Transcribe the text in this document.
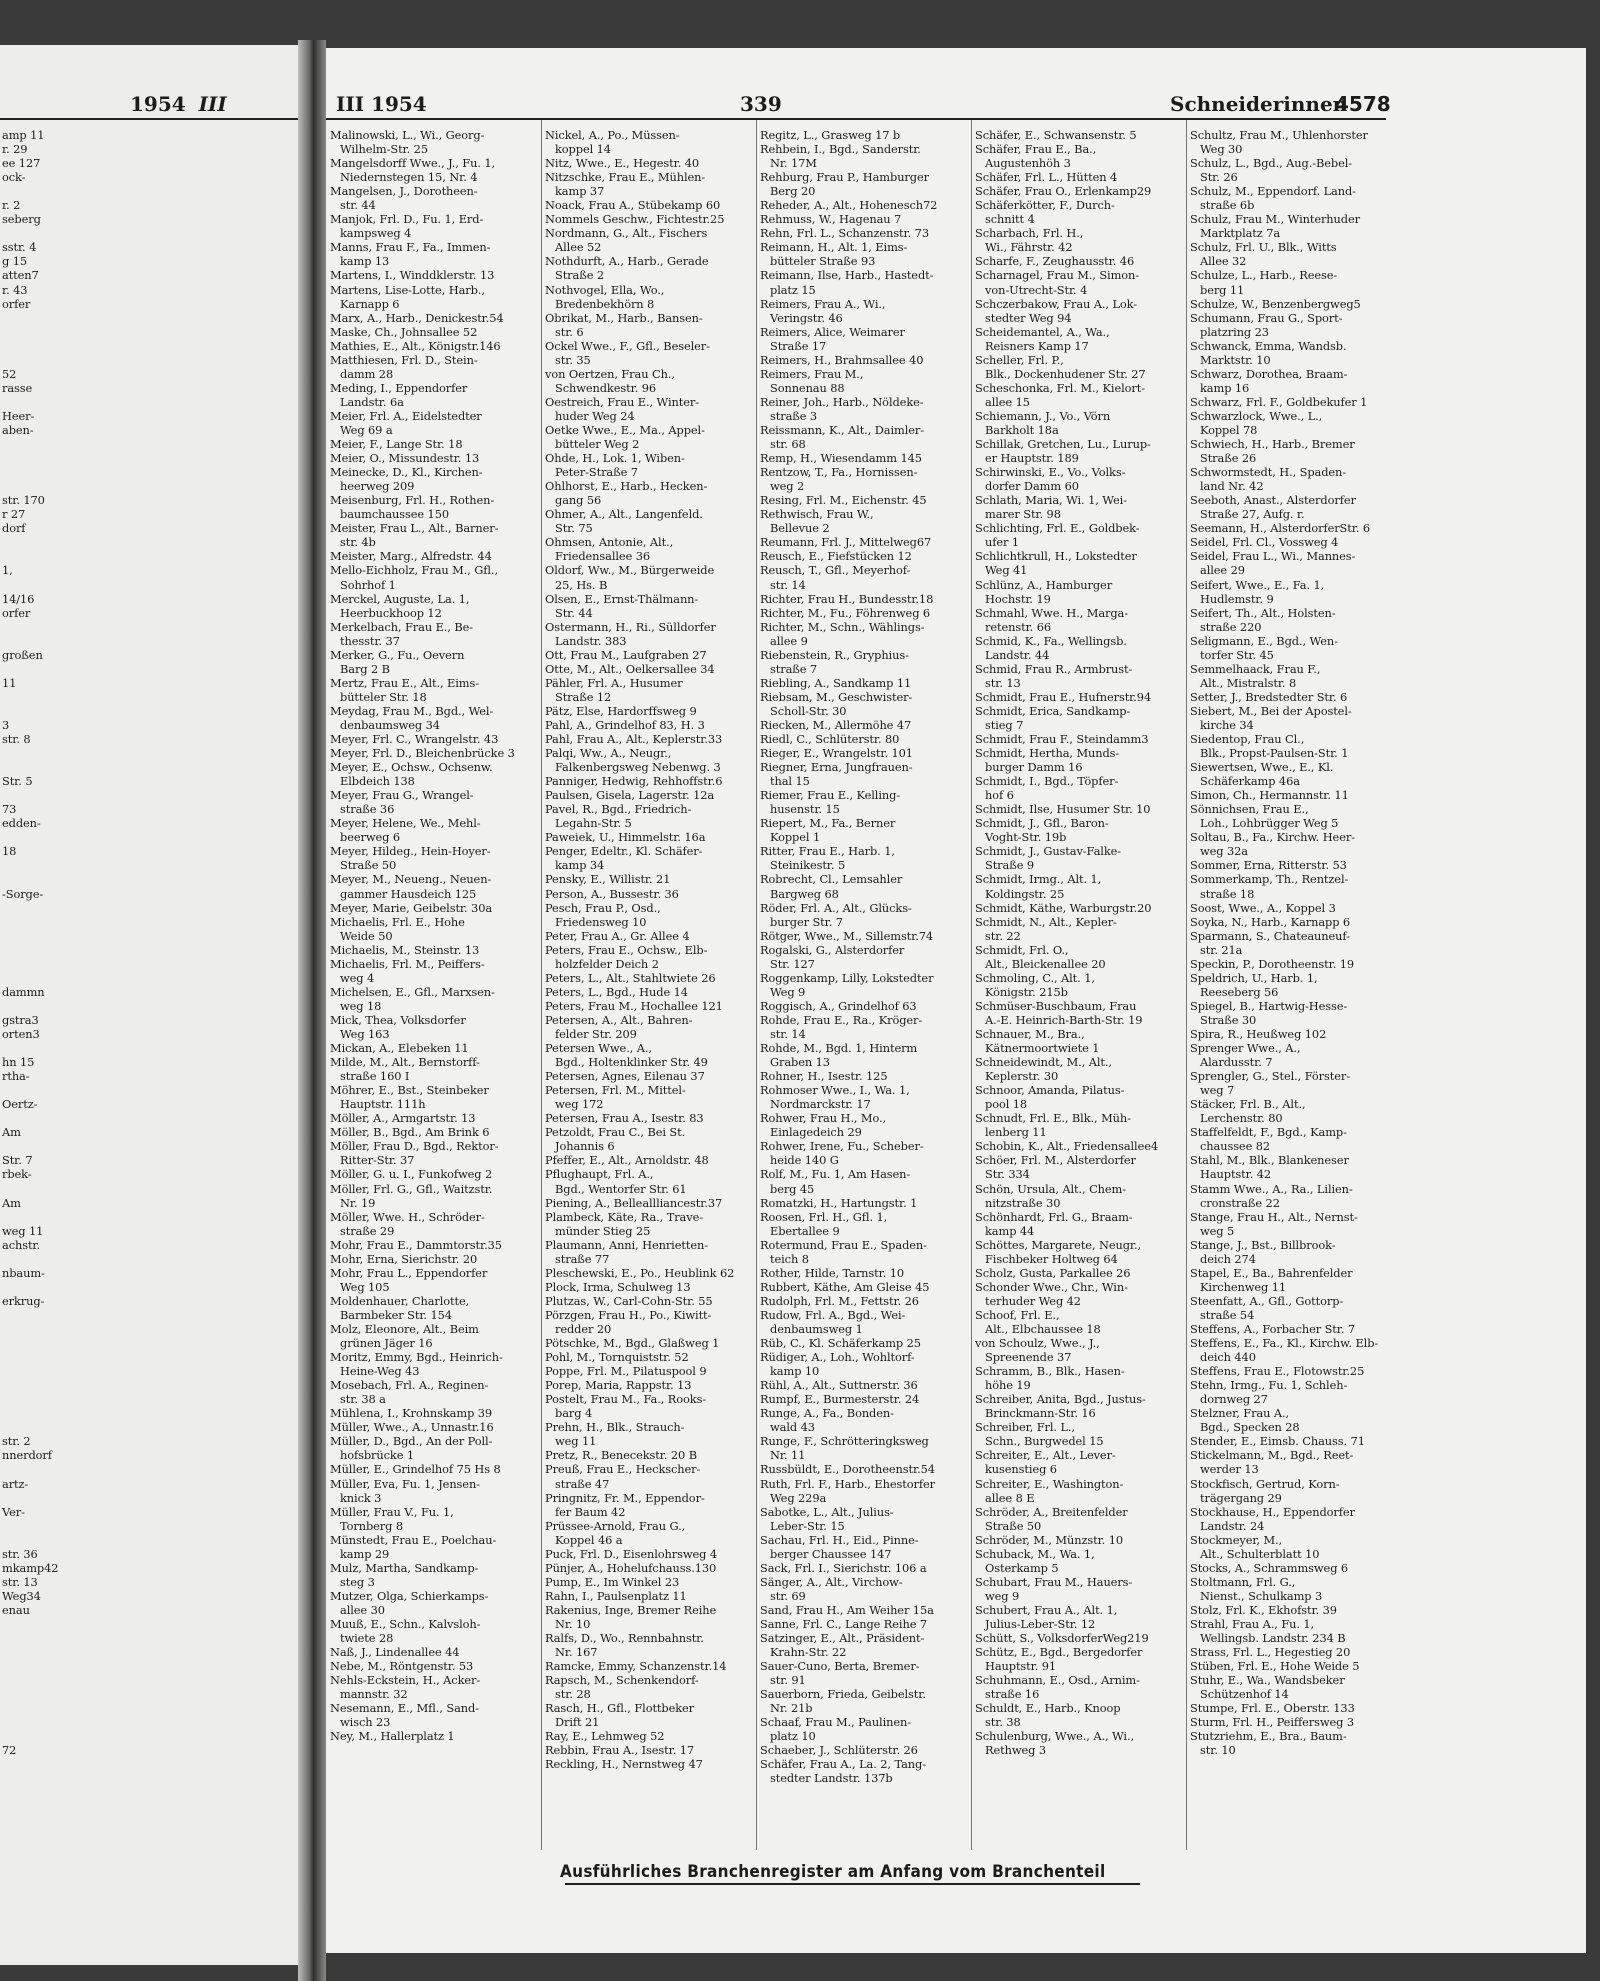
1954 III
amp 11
r. 29
ee 127
ock-

r. 2
seberg

sstr. 4
g 15
atten7
r. 43
orfer

52
rasse

Heer-
aben-

str. 170
r 27
dorf

1,

14/16
orfer

großen

11

3
str. 8

Str. 5

73
edden-

18

-Sorge-

dammn

gstra3
orten3

hn 15
rtha-

Oertz-

Am

Str. 7
rbek-

Am

weg 11
achstr.

nbaum-

erkrug-

str. 2
nnerdorf

artz-

Ver-

str. 36
mkamp42
str. 13
Weg34
enau

72
III 1954	339	Schneiderinnen
4578
Malinowski, L., Wi., Georg-
Wilhelm-Str. 25
Mangelsdorff Wwe., J., Fu. 1,
Niedernstegen 15, Nr. 4
Mangelsen, J., Dorotheen-
str. 44
Manjok, Frl. D., Fu. 1, Erd-
kampsweg 4
Manns, Frau F., Fa., Immen-
kamp 13
Martens, I., Winddklerstr. 13
Martens, Lise-Lotte, Harb.,
Karnapp 6
Marx, A., Harb., Denickestr.54
Maske, Ch., Johnsallee 52
Mathies, E., Alt., Königstr.146
Matthiesen, Frl. D., Stein-
damm 28
Meding, I., Eppendorfer
Landstr. 6a
Meier, Frl. A., Eidelstedter
Weg 69 a
Meier, F., Lange Str. 18
Meier, O., Missundestr. 13
Meinecke, D., Kl., Kirchen-
heerweg 209
Meisenburg, Frl. H., Rothen-
baumchaussee 150
Meister, Frau L., Alt., Barner-
str. 4b
Meister, Marg., Alfredstr. 44
Mello-Eichholz, Frau M., Gfl.,
Sohrhof 1
Merckel, Auguste, La. 1,
Heerbuckhoop 12
Merkelbach, Frau E., Be-
thesstr. 37
Merker, G., Fu., Oevern
Barg 2 B
Mertz, Frau E., Alt., Eims-
bütteler Str. 18
Meydag, Frau M., Bgd., Wel-
denbaumsweg 34
Meyer, Frl. C., Wrangelstr. 43
Meyer, Frl. D., Bleichenbrücke 3
Meyer, E., Ochsw., Ochsenw.
Elbdeich 138
Meyer, Frau G., Wrangel-
straße 36
Meyer, Helene, We., Mehl-
beerweg 6
Meyer, Hildeg., Hein-Hoyer-
Straße 50
Meyer, M., Neueng., Neuen-
gammer Hausdeich 125
Meyer, Marie, Geibelstr. 30a
Michaelis, Frl. E., Hohe
Weide 50
Michaelis, M., Steinstr. 13
Michaelis, Frl. M., Peiffers-
weg 4
Michelsen, E., Gfl., Marxsen-
weg 18
Mick, Thea, Volksdorfer
Weg 163
Mickan, A., Elebeken 11
Milde, M., Alt., Bernstorff-
straße 160 I
Möhrer, E., Bst., Steinbeker
Hauptstr. 111h
Möller, A., Armgartstr. 13
Möller, B., Bgd., Am Brink 6
Möller, Frau D., Bgd., Rektor-
Ritter-Str. 37
Möller, G. u. I., Funkofweg 2
Möller, Frl. G., Gfl., Waitzstr.
Nr. 19
Möller, Wwe. H., Schröder-
straße 29
Mohr, Frau E., Dammtorstr.35
Mohr, Erna, Sierichstr. 20
Mohr, Frau L., Eppendorfer
Weg 105
Moldenhauer, Charlotte,
Barmbeker Str. 154
Molz, Eleonore, Alt., Beim
grünen Jäger 16
Moritz, Emmy, Bgd., Heinrich-
Heine-Weg 43
Mosebach, Frl. A., Reginen-
str. 38 a
Mühlena, I., Krohnskamp 39
Müller, Wwe., A., Unnastr.16
Müller, D., Bgd., An der Poll-
hofsbrücke 1
Müller, E., Grindelhof 75 Hs 8
Müller, Eva, Fu. 1, Jensen-
knick 3
Müller, Frau V., Fu. 1,
Tornberg 8
Münstedt, Frau E., Poelchau-
kamp 29
Mulz, Martha, Sandkamp-
steg 3
Mutzer, Olga, Schierkamps-
allee 30
Muuß, E., Schn., Kalvsloh-
twiete 28
Naß, J., Lindenallee 44
Nebe, M., Röntgenstr. 53
Nehls-Eckstein, H., Acker-
mannstr. 32
Nesemann, E., Mfl., Sand-
wisch 23
Ney, M., Hallerplatz 1
Nickel, A., Po., Müssen-
koppel 14
Nitz, Wwe., E., Hegestr. 40
Nitzschke, Frau E., Mühlen-
kamp 37
Noack, Frau A., Stübekamp 60
Nommels Geschw., Fichtestr.25
Nordmann, G., Alt., Fischers
Allee 52
Nothdurft, A., Harb., Gerade
Straße 2
Nothvogel, Ella, Wo.,
Bredenbekhörn 8
Obrikat, M., Harb., Bansen-
str. 6
Ockel Wwe., F., Gfl., Beseler-
str. 35
von Oertzen, Frau Ch.,
Schwendkestr. 96
Oestreich, Frau E., Winter-
huder Weg 24
Oetke Wwe., E., Ma., Appel-
bütteler Weg 2
Ohde, H., Lok. 1, Wiben-
Peter-Straße 7
Ohlhorst, E., Harb., Hecken-
gang 56
Ohmer, A., Alt., Langenfeld.
Str. 75
Ohmsen, Antonie, Alt.,
Friedensallee 36
Oldorf, Ww., M., Bürgerweide
25, Hs. B
Olsen, E., Ernst-Thälmann-
Str. 44
Ostermann, H., Ri., Sülldorfer
Landstr. 383
Ott, Frau M., Laufgraben 27
Otte, M., Alt., Oelkersallee 34
Pähler, Frl. A., Husumer
Straße 12
Pätz, Else, Hardorffsweg 9
Pahl, A., Grindelhof 83, H. 3
Pahl, Frau A., Alt., Keplerstr.33
Palqi, Ww., A., Neugr.,
Falkenbergsweg Nebenwg. 3
Panniger, Hedwig, Rehhoffstr.6
Paulsen, Gisela, Lagerstr. 12a
Pavel, R., Bgd., Friedrich-
Legahn-Str. 5
Paweiek, U., Himmelstr. 16a
Penger, Edeltr., Kl. Schäfer-
kamp 34
Pensky, E., Willistr. 21
Person, A., Bussestr. 36
Pesch, Frau P., Osd.,
Friedensweg 10
Peter, Frau A., Gr. Allee 4
Peters, Frau E., Ochsw., Elb-
holzfelder Deich 2
Peters, L., Alt., Stahltwiete 26
Peters, L., Bgd., Hude 14
Peters, Frau M., Hochallee 121
Petersen, A., Alt., Bahren-
felder Str. 209
Petersen Wwe., A.,
Bgd., Holtenklinker Str. 49
Petersen, Agnes, Eilenau 37
Petersen, Frl. M., Mittel-
weg 172
Petersen, Frau A., Isestr. 83
Petzoldt, Frau C., Bei St.
Johannis 6
Pfeffer, E., Alt., Arnoldstr. 48
Pflughaupt, Frl. A.,
Bgd., Wentorfer Str. 61
Piening, A., Belleallliancestr.37
Plambeck, Käte, Ra., Trave-
münder Stieg 25
Plaumann, Anni, Henrietten-
straße 77
Pleschewski, E., Po., Heublink 62
Plock, Irma, Schulweg 13
Plutzas, W., Carl-Cohn-Str. 55
Pörzgen, Frau H., Po., Kiwitt-
redder 20
Pötschke, M., Bgd., Glaßweg 1
Pohl, M., Tornquiststr. 52
Poppe, Frl. M., Pilatuspool 9
Porep, Maria, Rappstr. 13
Postelt, Frau M., Fa., Rooks-
barg 4
Prehn, H., Blk., Strauch-
weg 11
Pretz, R., Benecekstr. 20 B
Preuß, Frau E., Heckscher-
straße 47
Pringnitz, Fr. M., Eppendor-
fer Baum 42
Prüssee-Arnold, Frau G.,
Koppel 46 a
Puck, Frl. D., Eisenlohrsweg 4
Pünjer, A., Hohelufchauss.130
Pump, E., Im Winkel 23
Rahn, I., Paulsenplatz 11
Rakenius, Inge, Bremer Reihe
Nr. 10
Ralfs, D., Wo., Rennbahnstr.
Nr. 167
Ramcke, Emmy, Schanzenstr.14
Rapsch, M., Schenkendorf-
str. 28
Rasch, H., Gfl., Flottbeker
Drift 21
Ray, E., Lehmweg 52
Rebbin, Frau A., Isestr. 17
Reckling, H., Nernstweg 47
Regitz, L., Grasweg 17 b
Rehbein, I., Bgd., Sanderstr.
Nr. 17M
Rehburg, Frau P., Hamburger
Berg 20
Reheder, A., Alt., Hohenesch72
Rehmuss, W., Hagenau 7
Rehn, Frl. L., Schanzenstr. 73
Reimann, H., Alt. 1, Eims-
bütteler Straße 93
Reimann, Ilse, Harb., Hastedt-
platz 15
Reimers, Frau A., Wi.,
Veringstr. 46
Reimers, Alice, Weimarer
Straße 17
Reimers, H., Brahmsallee 40
Reimers, Frau M.,
Sonnenau 88
Reiner, Joh., Harb., Nöldeke-
straße 3
Reissmann, K., Alt., Daimler-
str. 68
Remp, H., Wiesendamm 145
Rentzow, T., Fa., Hornissen-
weg 2
Resing, Frl. M., Eichenstr. 45
Rethwisch, Frau W.,
Bellevue 2
Reumann, Frl. J., Mittelweg67
Reusch, E., Fiefstücken 12
Reusch, T., Gfl., Meyerhof-
str. 14
Richter, Frau H., Bundesstr.18
Richter, M., Fu., Föhrenweg 6
Richter, M., Schn., Wählings-
allee 9
Riebenstein, R., Gryphius-
straße 7
Riebling, A., Sandkamp 11
Riebsam, M., Geschwister-
Scholl-Str. 30
Riecken, M., Allermöhe 47
Riedl, C., Schlüterstr. 80
Rieger, E., Wrangelstr. 101
Riegner, Erna, Jungfrauen-
thal 15
Riemer, Frau E., Kelling-
husenstr. 15
Riepert, M., Fa., Berner
Koppel 1
Ritter, Frau E., Harb. 1,
Steinikestr. 5
Robrecht, Cl., Lemsahler
Bargweg 68
Röder, Frl. A., Alt., Glücks-
burger Str. 7
Rötger, Wwe., M., Sillemstr.74
Rogalski, G., Alsterdorfer
Str. 127
Roggenkamp, Lilly, Lokstedter
Weg 9
Roggisch, A., Grindelhof 63
Rohde, Frau E., Ra., Kröger-
str. 14
Rohde, M., Bgd. 1, Hinterm
Graben 13
Rohner, H., Isestr. 125
Rohmoser Wwe., I., Wa. 1,
Nordmarckstr. 17
Rohwer, Frau H., Mo.,
Einlagedeich 29
Rohwer, Irene, Fu., Scheber-
heide 140 G
Rolf, M., Fu. 1, Am Hasen-
berg 45
Romatzki, H., Hartungstr. 1
Roosen, Frl. H., Gfl. 1,
Ebertallee 9
Rotermund, Frau E., Spaden-
teich 8
Rother, Hilde, Tarnstr. 10
Rubbert, Käthe, Am Gleise 45
Rudolph, Frl. M., Fettstr. 26
Rudow, Frl. A., Bgd., Wei-
denbaumsweg 1
Rüb, C., Kl. Schäferkamp 25
Rüdiger, A., Loh., Wohltorf-
kamp 10
Rühl, A., Alt., Suttnerstr. 36
Rumpf, E., Burmesterstr. 24
Runge, A., Fa., Bonden-
wald 43
Runge, F., Schrötteringksweg
Nr. 11
Russbüldt, E., Dorotheenstr.54
Ruth, Frl. F., Harb., Ehestorfer
Weg 229a
Sabotke, L., Alt., Julius-
Leber-Str. 15
Sachau, Frl. H., Eid., Pinne-
berger Chaussee 147
Sack, Frl. I., Sierichstr. 106 a
Sänger, A., Alt., Virchow-
str. 69
Sand, Frau H., Am Weiher 15a
Sanne, Frl. C., Lange Reihe 7
Satzinger, E., Alt., Präsident-
Krahn-Str. 22
Sauer-Cuno, Berta, Bremer-
str. 91
Sauerborn, Frieda, Geibelstr.
Nr. 21b
Schaaf, Frau M., Paulinen-
platz 10
Schaeber, J., Schlüterstr. 26
Schäfer, Frau A., La. 2, Tang-
stedter Landstr. 137b
Schäfer, E., Schwansenstr. 5
Schäfer, Frau E., Ba.,
Augustenhöh 3
Schäfer, Frl. L., Hütten 4
Schäfer, Frau O., Erlenkamp29
Schäferkötter, F., Durch-
schnitt 4
Scharbach, Frl. H.,
Wi., Fährstr. 42
Scharfe, F., Zeughausstr. 46
Scharnagel, Frau M., Simon-
von-Utrecht-Str. 4
Schczerbakow, Frau A., Lok-
stedter Weg 94
Scheidemantel, A., Wa.,
Reisners Kamp 17
Scheller, Frl. P.,
Blk., Dockenhudener Str. 27
Scheschonka, Frl. M., Kielort-
allee 15
Schiemann, J., Vo., Vörn
Barkholt 18a
Schillak, Gretchen, Lu., Lurup-
er Hauptstr. 189
Schirwinski, E., Vo., Volks-
dorfer Damm 60
Schlath, Maria, Wi. 1, Wei-
marer Str. 98
Schlichting, Frl. E., Goldbek-
ufer 1
Schlichtkrull, H., Lokstedter
Weg 41
Schlünz, A., Hamburger
Hochstr. 19
Schmahl, Wwe. H., Marga-
retenstr. 66
Schmid, K., Fa., Wellingsb.
Landstr. 44
Schmid, Frau R., Armbrust-
str. 13
Schmidt, Frau E., Hufnerstr.94
Schmidt, Erica, Sandkamp-
stieg 7
Schmidt, Frau F., Steindamm3
Schmidt, Hertha, Munds-
burger Damm 16
Schmidt, I., Bgd., Töpfer-
hof 6
Schmidt, Ilse, Husumer Str. 10
Schmidt, J., Gfl., Baron-
Voght-Str. 19b
Schmidt, J., Gustav-Falke-
Straße 9
Schmidt, Irmg., Alt. 1,
Koldingstr. 25
Schmidt, Käthe, Warburgstr.20
Schmidt, N., Alt., Kepler-
str. 22
Schmidt, Frl. O.,
Alt., Bleickenallee 20
Schmoling, C., Alt. 1,
Königstr. 215b
Schmüser-Buschbaum, Frau
A.-E. Heinrich-Barth-Str. 19
Schnauer, M., Bra.,
Kätnermoortwiete 1
Schneidewindt, M., Alt.,
Keplerstr. 30
Schnoor, Amanda, Pilatus-
pool 18
Schnudt, Frl. E., Blk., Müh-
lenberg 11
Schobin, K., Alt., Friedensallee4
Schöer, Frl. M., Alsterdorfer
Str. 334
Schön, Ursula, Alt., Chem-
nitzstraße 30
Schönhardt, Frl. G., Braam-
kamp 44
Schöttes, Margarete, Neugr.,
Fischbeker Holtweg 64
Scholz, Gusta, Parkallee 26
Schonder Wwe., Chr., Win-
terhuder Weg 42
Schoof, Frl. E.,
Alt., Elbchaussee 18
von Schoulz, Wwe., J.,
Spreenende 37
Schramm, B., Blk., Hasen-
höhe 19
Schreiber, Anita, Bgd., Justus-
Brinckmann-Str. 16
Schreiber, Frl. L.,
Schn., Burgwedel 15
Schreiter, E., Alt., Lever-
kusenstieg 6
Schreiter, E., Washington-
allee 8 E
Schröder, A., Breitenfelder
Straße 50
Schröder, M., Münzstr. 10
Schuback, M., Wa. 1,
Osterkamp 5
Schubart, Frau M., Hauers-
weg 9
Schubert, Frau A., Alt. 1,
Julius-Leber-Str. 12
Schütt, S., VolksdorferWeg219
Schütz, E., Bgd., Bergedorfer
Hauptstr. 91
Schuhmann, E., Osd., Arnim-
straße 16
Schuldt, E., Harb., Knoop
str. 38
Schulenburg, Wwe., A., Wi.,
Rethweg 3
Schultz, Frau M., Uhlenhorster
Weg 30
Schulz, L., Bgd., Aug.-Bebel-
Str. 26
Schulz, M., Eppendorf. Land-
straße 6b
Schulz, Frau M., Winterhuder
Marktplatz 7a
Schulz, Frl. U., Blk., Witts
Allee 32
Schulze, L., Harb., Reese-
berg 11
Schulze, W., Benzenbergweg5
Schumann, Frau G., Sport-
platzring 23
Schwanck, Emma, Wandsb.
Marktstr. 10
Schwarz, Dorothea, Braam-
kamp 16
Schwarz, Frl. F., Goldbekufer 1
Schwarzlock, Wwe., L.,
Koppel 78
Schwiech, H., Harb., Bremer
Straße 26
Schwormstedt, H., Spaden-
land Nr. 42
Seeboth, Anast., Alsterdorfer
Straße 27, Aufg. r.
Seemann, H., AlsterdorferStr. 6
Seidel, Frl. Cl., Vossweg 4
Seidel, Frau L., Wi., Mannes-
allee 29
Seifert, Wwe., E., Fa. 1,
Hudlemstr. 9
Seifert, Th., Alt., Holsten-
straße 220
Seligmann, E., Bgd., Wen-
torfer Str. 45
Semmelhaack, Frau F.,
Alt., Mistralstr. 8
Setter, J., Bredstedter Str. 6
Siebert, M., Bei der Apostel-
kirche 34
Siedentop, Frau Cl.,
Blk., Propst-Paulsen-Str. 1
Siewertsen, Wwe., E., Kl.
Schäferkamp 46a
Simon, Ch., Hermannstr. 11
Sönnichsen, Frau E.,
Loh., Lohbrügger Weg 5
Soltau, B., Fa., Kirchw. Heer-
weg 32a
Sommer, Erna, Ritterstr. 53
Sommerkamp, Th., Rentzel-
straße 18
Soost, Wwe., A., Koppel 3
Soyka, N., Harb., Karnapp 6
Sparmann, S., Chateauneuf-
str. 21a
Speckin, P., Dorotheenstr. 19
Speldrich, U., Harb. 1,
Reeseberg 56
Spiegel, B., Hartwig-Hesse-
Straße 30
Spira, R., Heußweg 102
Sprenger Wwe., A.,
Alardusstr. 7
Sprengler, G., Stel., Förster-
weg 7
Stäcker, Frl. B., Alt.,
Lerchenstr. 80
Staffelfeldt, F., Bgd., Kamp-
chaussee 82
Stahl, M., Blk., Blankeneser
Hauptstr. 42
Stamm Wwe., A., Ra., Lilien-
cronstraße 22
Stange, Frau H., Alt., Nernst-
weg 5
Stange, J., Bst., Billbrook-
deich 274
Stapel, E., Ba., Bahrenfelder
Kirchenweg 11
Steenfatt, A., Gfl., Gottorp-
straße 54
Steffens, A., Forbacher Str. 7
Steffens, E., Fa., Kl., Kirchw. Elb-
deich 440
Steffens, Frau E., Flotowstr.25
Stehn, Irmg., Fu. 1, Schleh-
dornweg 27
Stelzner, Frau A.,
Bgd., Specken 28
Stender, E., Eimsb. Chauss. 71
Stickelmann, M., Bgd., Reet-
werder 13
Stockfisch, Gertrud, Korn-
trägergang 29
Stockhause, H., Eppendorfer
Landstr. 24
Stockmeyer, M.,
Alt., Schulterblatt 10
Stocks, A., Schrammsweg 6
Stoltmann, Frl. G.,
Nienst., Schulkamp 3
Stolz, Frl. K., Ekhofstr. 39
Strahl, Frau A., Fu. 1,
Wellingsb. Landstr. 234 B
Strass, Frl. L., Hegestieg 20
Stüben, Frl. E., Hohe Weide 5
Stuhr, E., Wa., Wandsbeker
Schützenhof 14
Stumpe, Frl. E., Oberstr. 133
Sturm, Frl. H., Peiffersweg 3
Stutzriehm, E., Bra., Baum-
str. 10
Ausführliches Branchenregister am Anfang vom Branchenteil
